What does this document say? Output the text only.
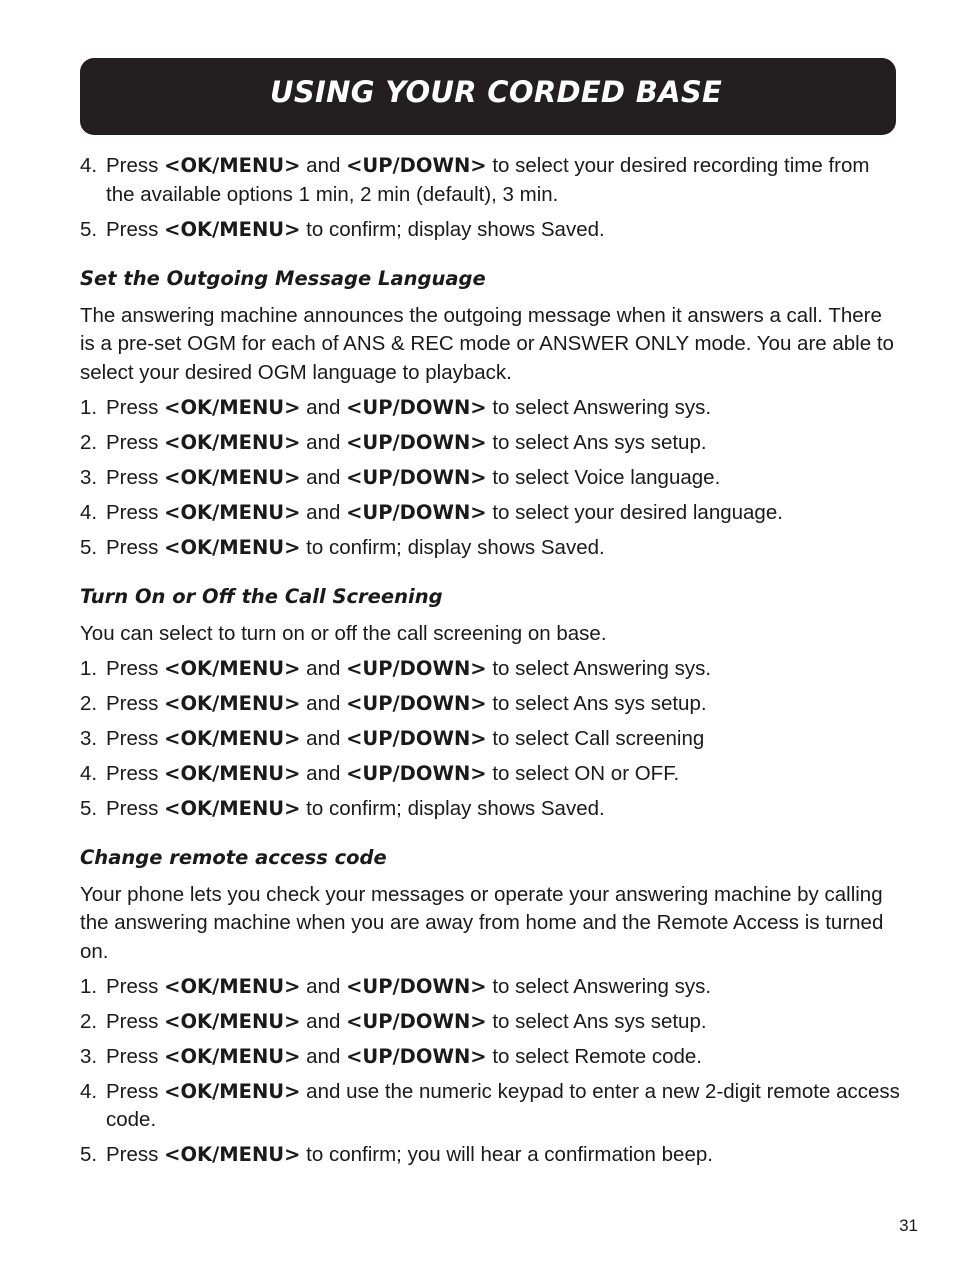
USING YOUR CORDED BASE

4. Press <OK/MENU> and <UP/DOWN> to select your desired recording time from the available options 1 min, 2 min (default), 3 min.

5. Press <OK/MENU> to confirm; display shows Saved.

Set the Outgoing Message Language

The answering machine announces the outgoing message when it answers a call. There is a pre-set OGM for each of ANS & REC mode or ANSWER ONLY mode. You are able to select your desired OGM language to playback.

1. Press <OK/MENU> and <UP/DOWN> to select Answering sys.

2. Press <OK/MENU> and <UP/DOWN> to select Ans sys setup.

3. Press <OK/MENU> and <UP/DOWN> to select Voice language.

4. Press <OK/MENU> and <UP/DOWN> to select your desired language.

5. Press <OK/MENU> to confirm; display shows Saved.

Turn On or Off the Call Screening

You can select to turn on or off the call screening on base.

1. Press <OK/MENU> and <UP/DOWN> to select Answering sys.

2. Press <OK/MENU> and <UP/DOWN> to select Ans sys setup.

3. Press <OK/MENU> and <UP/DOWN> to select Call screening

4. Press <OK/MENU> and <UP/DOWN> to select ON or OFF.

5. Press <OK/MENU> to confirm; display shows Saved.

Change remote access code

Your phone lets you check your messages or operate your answering machine by calling the answering machine when you are away from home and the Remote Access is turned on.

1. Press <OK/MENU> and <UP/DOWN> to select Answering sys.

2. Press <OK/MENU> and <UP/DOWN> to select Ans sys setup.

3. Press <OK/MENU> and <UP/DOWN> to select Remote code.

4. Press <OK/MENU> and use the numeric keypad to enter a new 2-digit remote access code.

5. Press <OK/MENU> to confirm; you will hear a confirmation beep.

31
